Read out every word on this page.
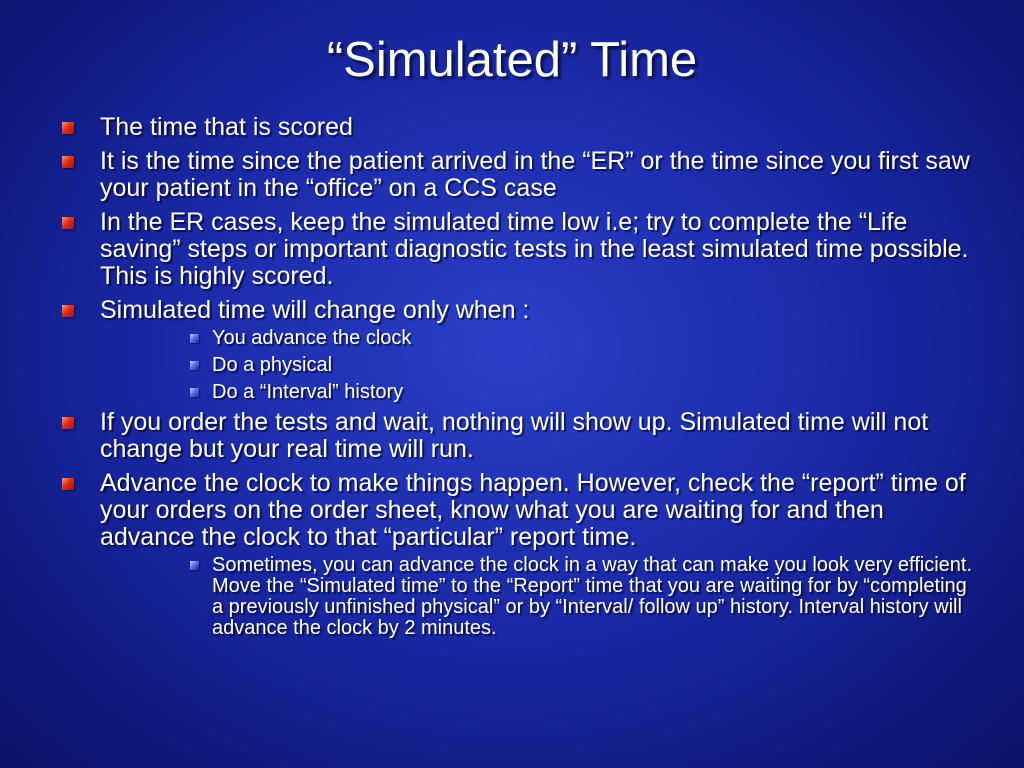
“Simulated” Time
The time that is scored
It is the time since the patient arrived in the “ER” or the time since you first saw your patient in the “office” on a CCS case
In the ER cases, keep the simulated time low i.e; try to complete the “Life saving” steps or important diagnostic tests in the least simulated time possible. This is highly scored.
Simulated time will change only when :
You advance the clock
Do a physical
Do a “Interval” history
If you order the tests and wait, nothing will show up. Simulated time will not change but your real time will run.
Advance the clock to make things happen. However, check the “report” time of your orders on the order sheet, know what you are waiting for and then advance the clock to that “particular” report time.
Sometimes, you can advance the clock in a way that can make you look very efficient. Move the “Simulated time” to the “Report” time that you are waiting for by “completing a previously unfinished physical” or by “Interval/ follow up” history. Interval history will advance the clock by 2 minutes.
